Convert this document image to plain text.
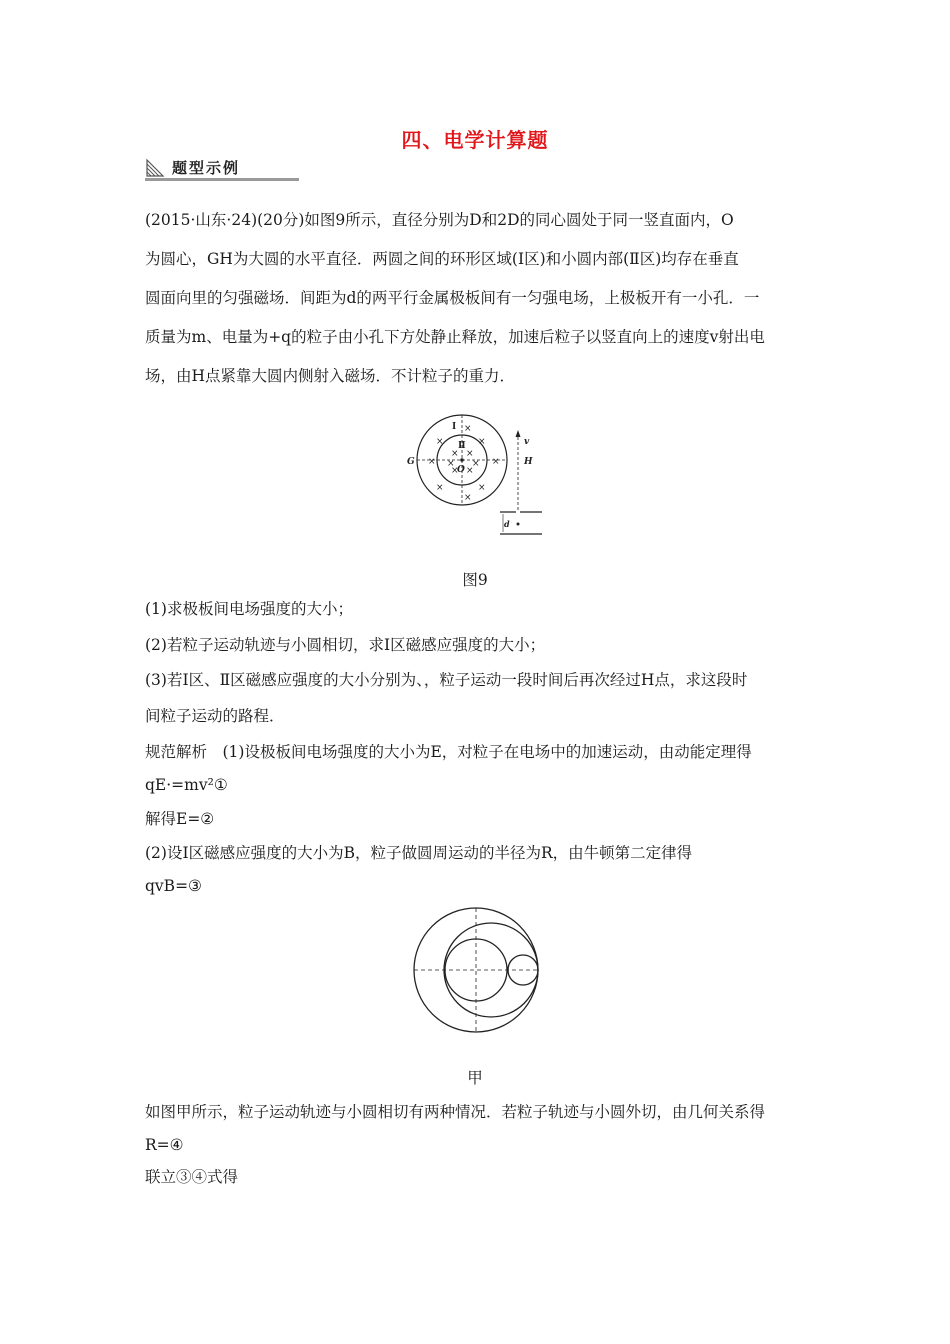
四、电学计算题
题型示例
(2015·山东·24)(20分)如图9所示，直径分别为D和2D的同心圆处于同一竖直面内，O
为圆心，GH为大圆的水平直径．两圆之间的环形区域(Ⅰ区)和小圆内部(Ⅱ区)均存在垂直
圆面向里的匀强磁场．间距为d的两平行金属极板间有一匀强电场，上极板开有一小孔．一
质量为m、电量为+q的粒子由小孔下方处静止释放，加速后粒子以竖直向上的速度v射出电
场，由H点紧靠大圆内侧射入磁场．不计粒子的重力．
×	×
×	×
×	×
×
×
× ×
× ×
× ×
Ⅰ
Ⅱ
O
G	H
v
d
图9
(1)求极板间电场强度的大小；
(2)若粒子运动轨迹与小圆相切，求Ⅰ区磁感应强度的大小；
(3)若Ⅰ区、Ⅱ区磁感应强度的大小分别为、，粒子运动一段时间后再次经过H点，求这段时
间粒子运动的路程．
规范解析　(1)设极板间电场强度的大小为E，对粒子在电场中的加速运动，由动能定理得
qE·=mv²①
解得E=②
(2)设Ⅰ区磁感应强度的大小为B，粒子做圆周运动的半径为R，由牛顿第二定律得
qvB=③
甲
如图甲所示，粒子运动轨迹与小圆相切有两种情况．若粒子轨迹与小圆外切，由几何关系得
R=④
联立③④式得
